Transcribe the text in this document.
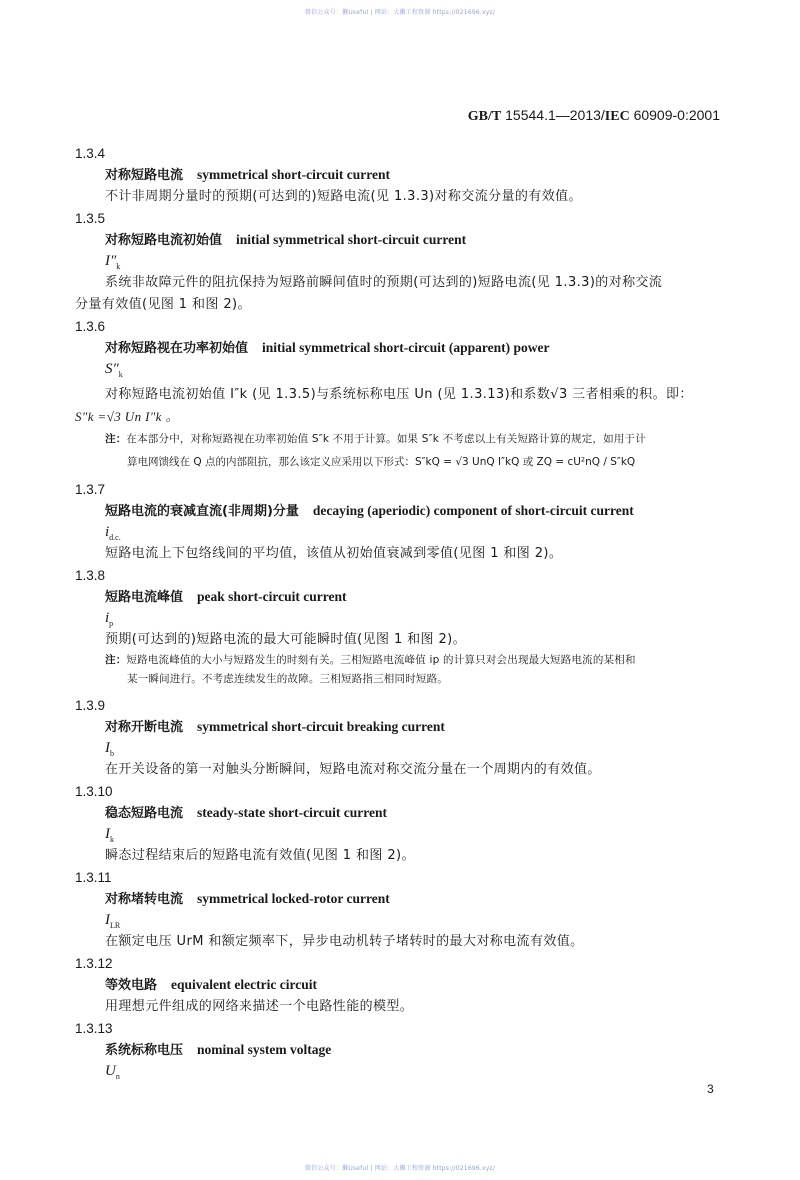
微信公众号：獭Useful | 网站：大獭工程资源 https://021696.xyz/
GB/T 15544.1—2013/IEC 60909-0:2001
1.3.4
对称短路电流 symmetrical short-circuit current
不计非周期分量时的预期(可达到的)短路电流(见 1.3.3)对称交流分量的有效值。
1.3.5
对称短路电流初始值 initial symmetrical short-circuit current
$I''_k$
系统非故障元件的阻抗保持为短路前瞬间值时的预期(可达到的)短路电流(见 1.3.3)的对称交流
分量有效值(见图 1 和图 2)。
1.3.6
对称短路视在功率初始值 initial symmetrical short-circuit (apparent) power
$S''_k$
对称短路电流初始值 I″k (见 1.3.5)与系统标称电压 Un (见 1.3.13)和系数√3 三者相乘的积。即：
S″k =√3 Un I″k 。
注：在本部分中，对称短路视在功率初始值 S″k 不用于计算。如果 S″k 不考虑以上有关短路计算的规定，如用于计
算电网馈线在 Q 点的内部阻抗，那么该定义应采用以下形式：S″kQ = √3 UnQ I″kQ 或 ZQ = cU²nQ / S″kQ
1.3.7
短路电流的衰减直流(非周期)分量 decaying (aperiodic) component of short-circuit current
$i_{d.c.}$
短路电流上下包络线间的平均值，该值从初始值衰减到零值(见图 1 和图 2)。
1.3.8
短路电流峰值 peak short-circuit current
$i_p$
预期(可达到的)短路电流的最大可能瞬时值(见图 1 和图 2)。
注：短路电流峰值的大小与短路发生的时刻有关。三相短路电流峰值 ip 的计算只对会出现最大短路电流的某相和
某一瞬间进行。不考虑连续发生的故障。三相短路指三相同时短路。
1.3.9
对称开断电流 symmetrical short-circuit breaking current
$I_b$
在开关设备的第一对触头分断瞬间，短路电流对称交流分量在一个周期内的有效值。
1.3.10
稳态短路电流 steady-state short-circuit current
$I_k$
瞬态过程结束后的短路电流有效值(见图 1 和图 2)。
1.3.11
对称堵转电流 symmetrical locked-rotor current
$I_{LR}$
在额定电压 UrM 和额定频率下，异步电动机转子堵转时的最大对称电流有效值。
1.3.12
等效电路 equivalent electric circuit
用理想元件组成的网络来描述一个电路性能的模型。
1.3.13
系统标称电压 nominal system voltage
$U_n$
3
微信公众号：獭Useful | 网站：大獭工程资源 https://021696.xyz/
